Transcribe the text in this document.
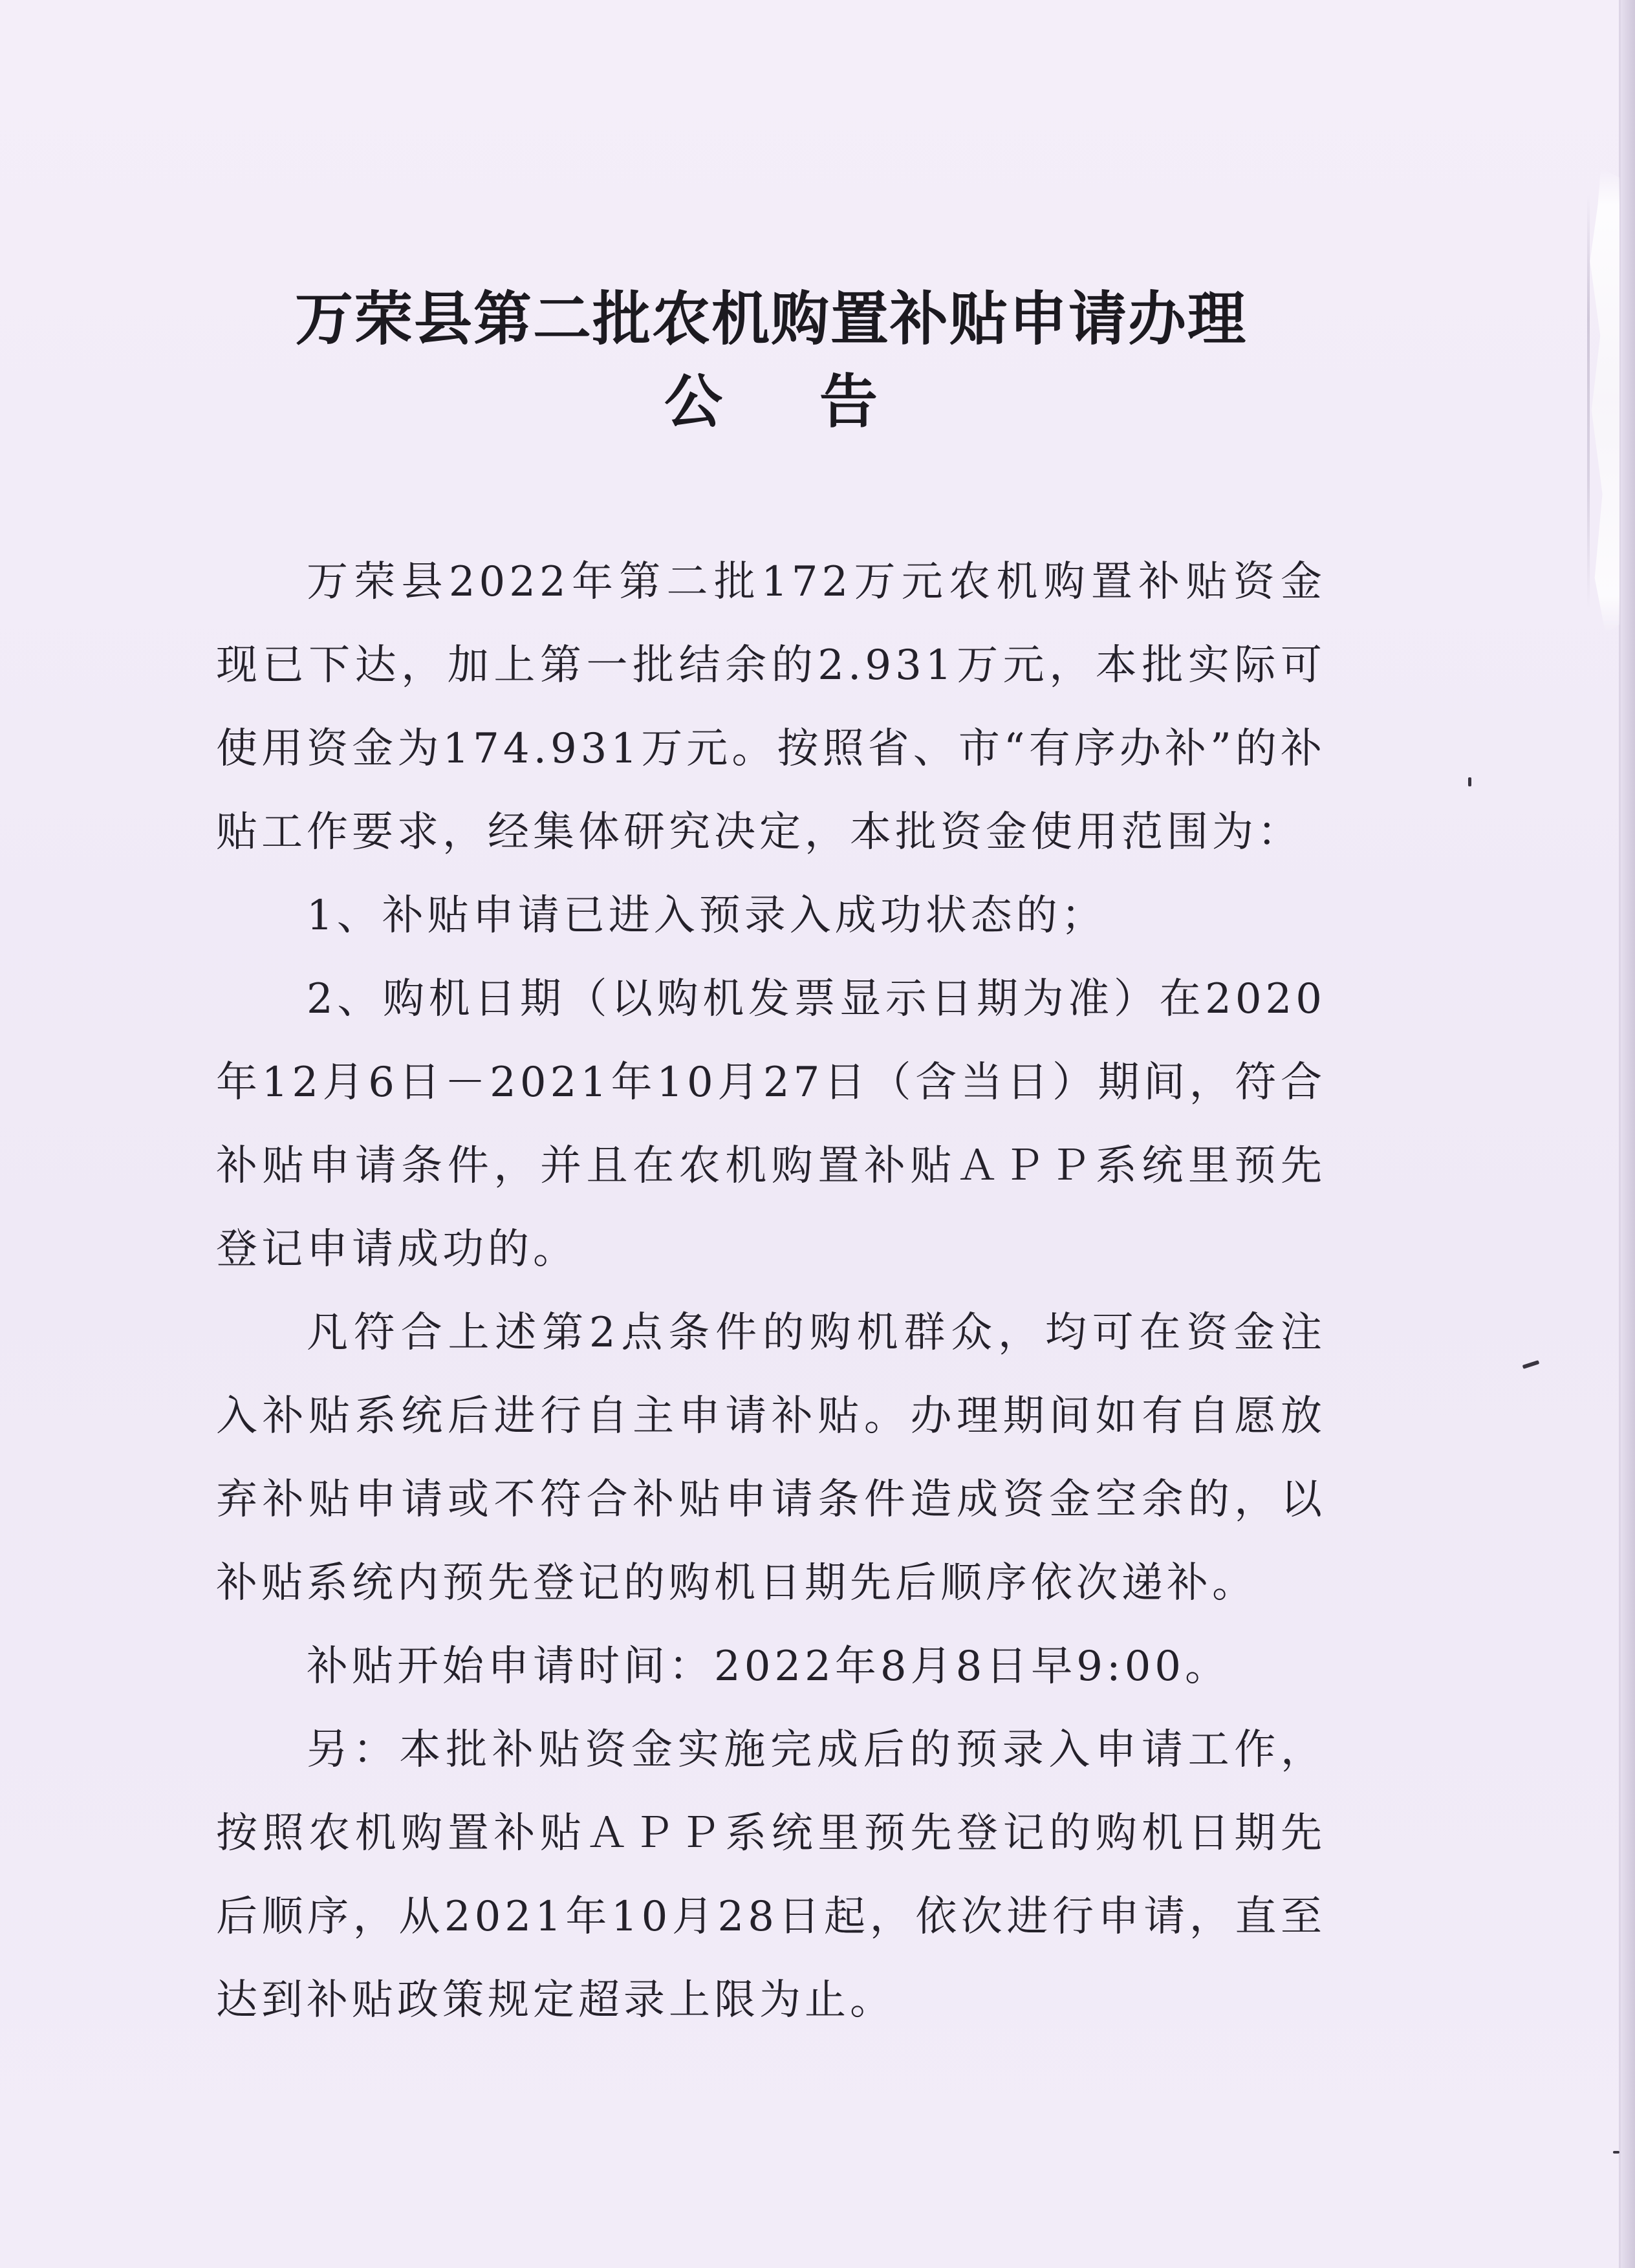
万荣县第二批农机购置补贴申请办理
公告

万荣县2022年第二批172万元农机购置补贴资金现已下达，加上第一批结余的2.931万元，本批实际可使用资金为174.931万元。按照省、市“有序办补”的补贴工作要求，经集体研究决定，本批资金使用范围为：

1、补贴申请已进入预录入成功状态的；

2、购机日期（以购机发票显示日期为准）在2020年12月6日－2021年10月27日（含当日）期间，符合补贴申请条件，并且在农机购置补贴ＡＰＰ系统里预先登记申请成功的。

凡符合上述第2点条件的购机群众，均可在资金注入补贴系统后进行自主申请补贴。办理期间如有自愿放弃补贴申请或不符合补贴申请条件造成资金空余的，以补贴系统内预先登记的购机日期先后顺序依次递补。

补贴开始申请时间：2022年8月8日早9:00。

另：本批补贴资金实施完成后的预录入申请工作，按照农机购置补贴ＡＰＰ系统里预先登记的购机日期先后顺序，从2021年10月28日起，依次进行申请，直至达到补贴政策规定超录上限为止。
